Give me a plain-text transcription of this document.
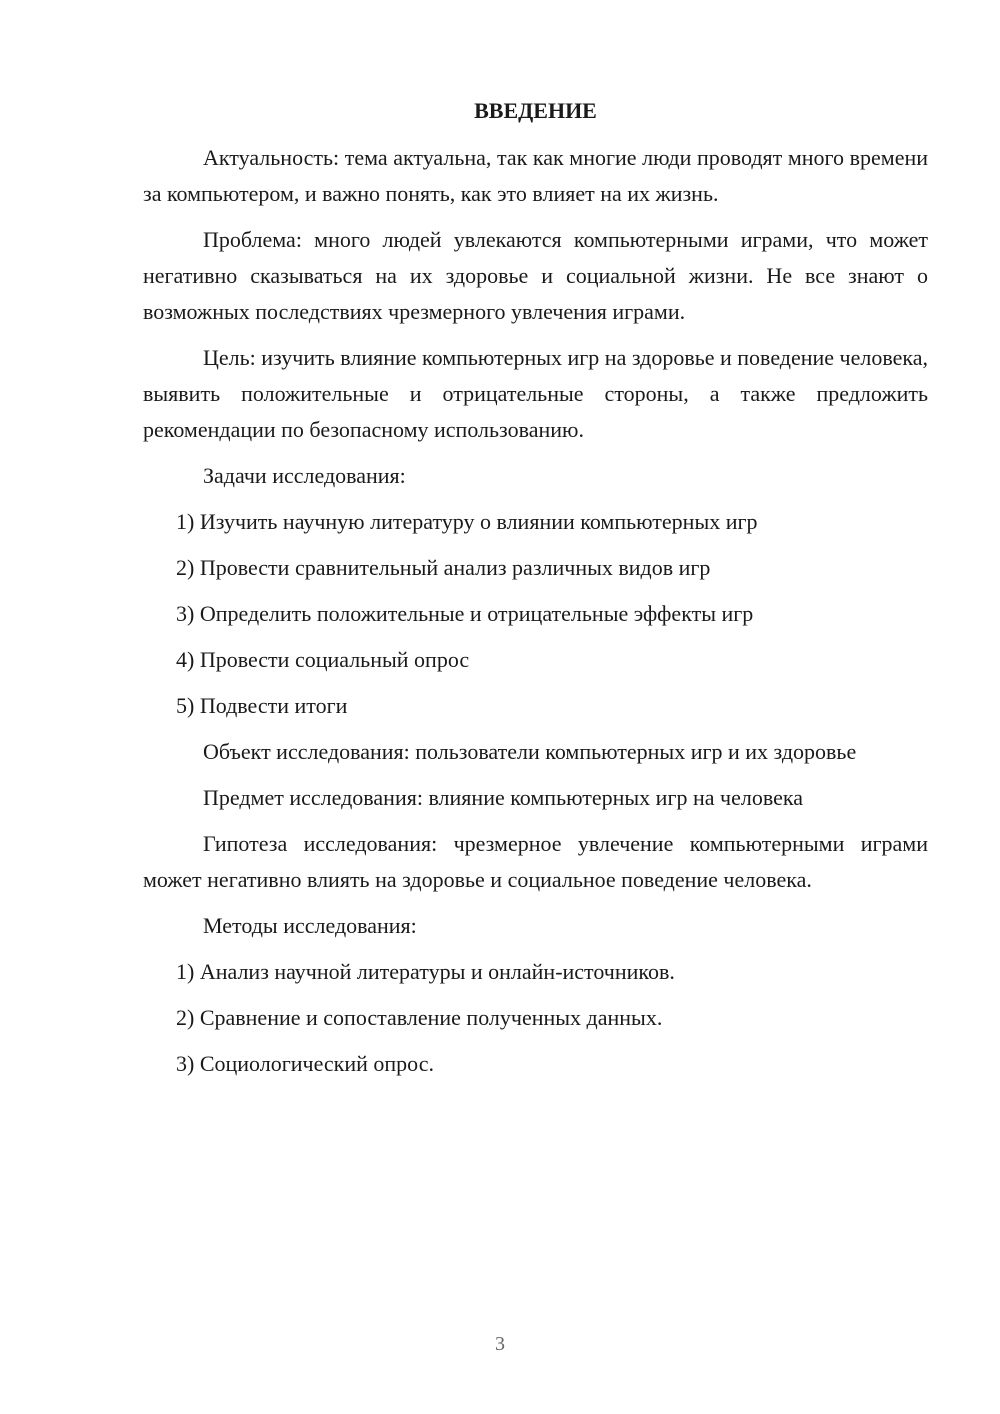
ВВЕДЕНИЕ

Актуальность: тема актуальна, так как многие люди проводят много времени за компьютером, и важно понять, как это влияет на их жизнь.

Проблема: много людей увлекаются компьютерными играми, что может негативно сказываться на их здоровье и социальной жизни. Не все знают о возможных последствиях чрезмерного увлечения играми.

Цель: изучить влияние компьютерных игр на здоровье и поведение человека, выявить положительные и отрицательные стороны, а также предложить рекомендации по безопасному использованию.

Задачи исследования:

1) Изучить научную литературу о влиянии компьютерных игр
2) Провести сравнительный анализ различных видов игр
3) Определить положительные и отрицательные эффекты игр
4) Провести социальный опрос
5) Подвести итоги

Объект исследования: пользователи компьютерных игр и их здоровье

Предмет исследования: влияние компьютерных игр на человека

Гипотеза исследования: чрезмерное увлечение компьютерными играми может негативно влиять на здоровье и социальное поведение человека.

Методы исследования:

1) Анализ научной литературы и онлайн-источников.
2) Сравнение и сопоставление полученных данных.
3) Социологический опрос.
3
